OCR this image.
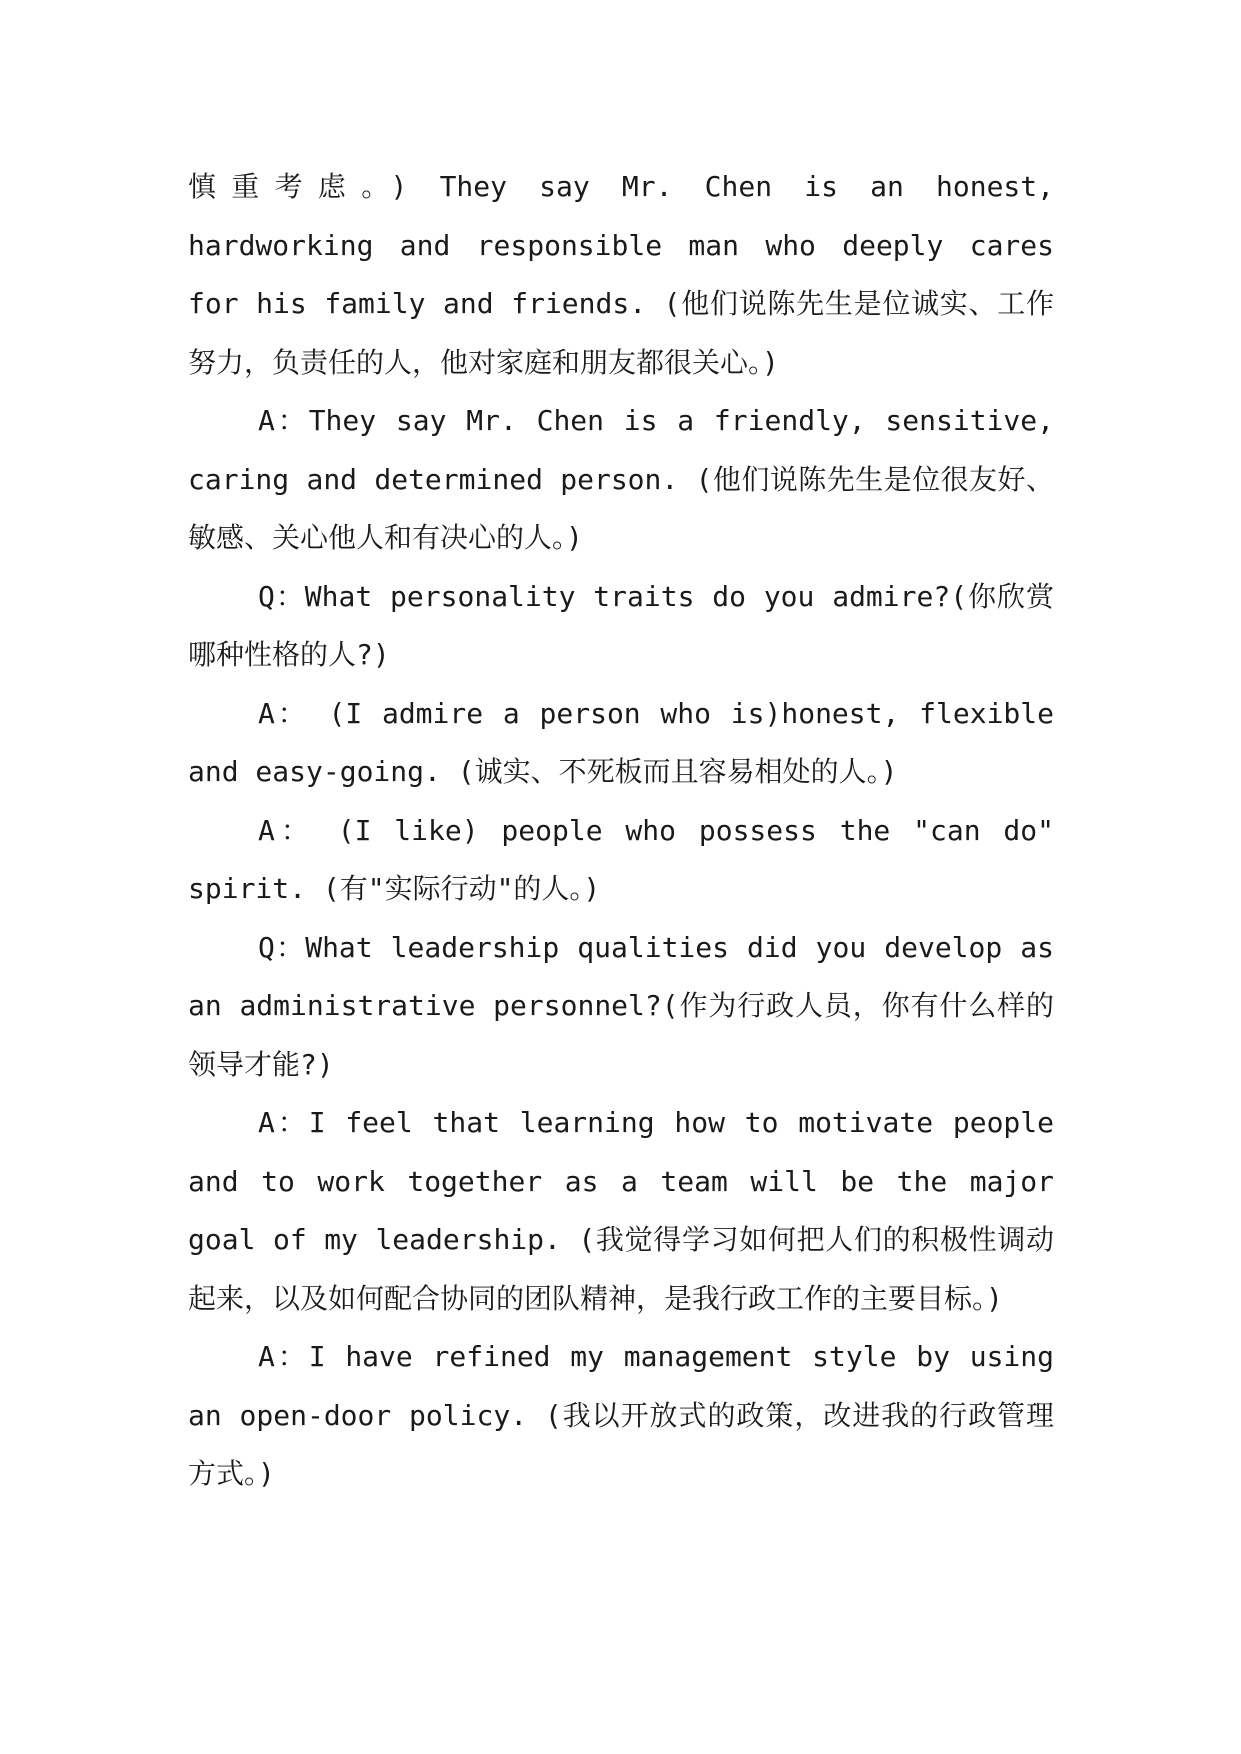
慎重考虑。) They say Mr. Chen is an honest, hardworking and responsible man who deeply cares for his family and friends. (他们说陈先生是位诚实、工作努力，负责任的人，他对家庭和朋友都很关心。)

A：They say Mr. Chen is a friendly, sensitive, caring and determined person. (他们说陈先生是位很友好、敏感、关心他人和有决心的人。)

Q：What personality traits do you admire?(你欣赏哪种性格的人?)

A： (I admire a person who is)honest, flexible and easy-going. (诚实、不死板而且容易相处的人。)

A： (I like) people who possess the "can do" spirit. (有"实际行动"的人。)

Q：What leadership qualities did you develop as an administrative personnel?(作为行政人员，你有什么样的领导才能?)

A：I feel that learning how to motivate people and to work together as a team will be the major goal of my leadership. (我觉得学习如何把人们的积极性调动起来，以及如何配合协同的团队精神，是我行政工作的主要目标。)

A：I have refined my management style by using an open-door policy. (我以开放式的政策，改进我的行政管理方式。)
